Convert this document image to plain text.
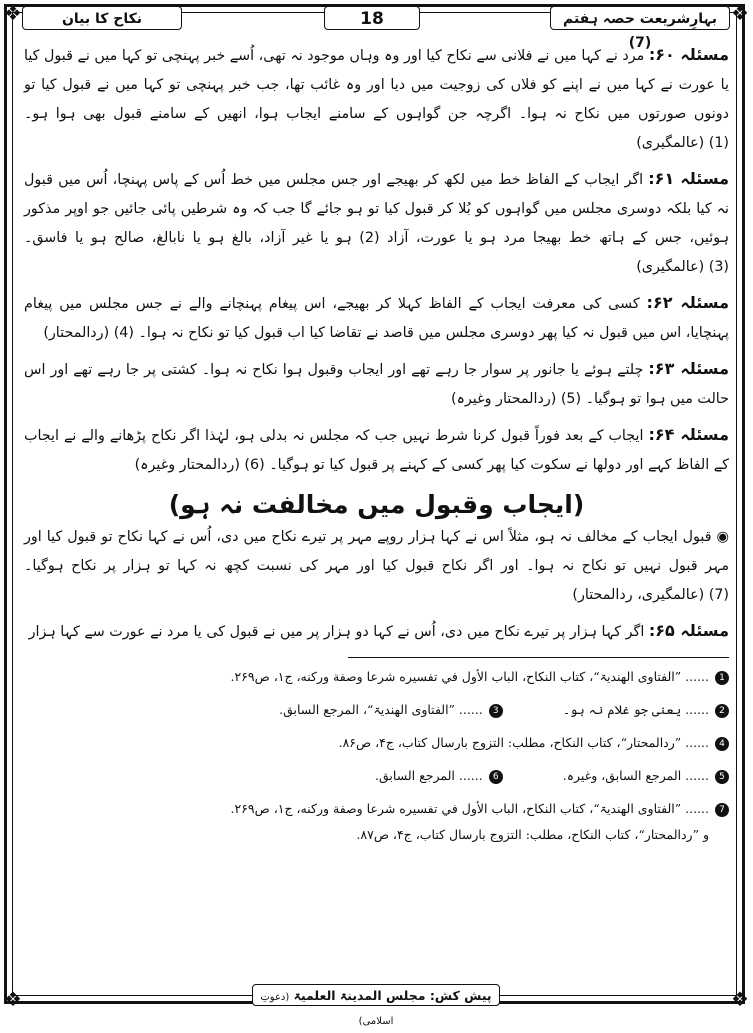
❖	❖
❖	❖
بہارِشریعت حصہ ہفتم (7)
18
نکاح کا بیان

مسئلہ ۶۰: مرد نے کہا میں نے فلانی سے نکاح کیا اور وہ وہاں موجود نہ تھی، اُسے خبر پہنچی تو کہا میں نے قبول کیا یا عورت نے کہا میں نے اپنے کو فلاں کی زوجیت میں دیا اور وہ غائب تھا، جب خبر پہنچی تو کہا میں نے قبول کیا تو دونوں صورتوں میں نکاح نہ ہوا۔ اگرچہ جن گواہوں کے سامنے ایجاب ہوا، انھیں کے سامنے قبول بھی ہوا ہو۔ (1) (عالمگیری)

مسئلہ ۶۱: اگر ایجاب کے الفاظ خط میں لکھ کر بھیجے اور جس مجلس میں خط اُس کے پاس پہنچا، اُس میں قبول نہ کیا بلکہ دوسری مجلس میں گواہوں کو بُلا کر قبول کیا تو ہو جائے گا جب کہ وہ شرطیں پائی جائیں جو اوپر مذکور ہوئیں، جس کے ہاتھ خط بھیجا مرد ہو یا عورت، آزاد (2) ہو یا غیر آزاد، بالغ ہو یا نابالغ، صالح ہو یا فاسق۔ (3) (عالمگیری)

مسئلہ ۶۲: کسی کی معرفت ایجاب کے الفاظ کہلا کر بھیجے، اس پیغام پہنچانے والے نے جس مجلس میں پیغام پہنچایا، اس میں قبول نہ کیا پھر دوسری مجلس میں قاصد نے تقاضا کیا اب قبول کیا تو نکاح نہ ہوا۔ (4) (ردالمحتار)

مسئلہ ۶۳: چلتے ہوئے یا جانور پر سوار جا رہے تھے اور ایجاب وقبول ہوا نکاح نہ ہوا۔ کشتی پر جا رہے تھے اور اس حالت میں ہوا تو ہوگیا۔ (5) (ردالمحتار وغیرہ)

مسئلہ ۶۴: ایجاب کے بعد فوراً قبول کرنا شرط نہیں جب کہ مجلس نہ بدلی ہو، لہٰذا اگر نکاح پڑھانے والے نے ایجاب کے الفاظ کہے اور دولھا نے سکوت کیا پھر کسی کے کہنے پر قبول کیا تو ہوگیا۔ (6) (ردالمحتار وغیرہ)

(ایجاب وقبول میں مخالفت نہ ہو)

◉ قبول ایجاب کے مخالف نہ ہو، مثلاً اس نے کہا ہزار روپے مہر پر تیرے نکاح میں دی، اُس نے کہا نکاح تو قبول کیا اور مہر قبول نہیں تو نکاح نہ ہوا۔ اور اگر نکاح قبول کیا اور مہر کی نسبت کچھ نہ کہا تو ہزار پر نکاح ہوگیا۔ (7) (عالمگیری، ردالمحتار)

مسئلہ ۶۵: اگر کہا ہزار پر تیرے نکاح میں دی، اُس نے کہا دو ہزار پر میں نے قبول کی یا مرد نے عورت سے کہا ہزار

1...... ”الفتاوی الھندیۃ“، کتاب النکاح، الباب الأول في تفسيره شرعا وصفة ورکنه، ج۱، ص۲۶۹.
2...... یعنی جو غلام نہ ہو۔3...... ”الفتاوی الھندیۃ“، المرجع السابق.
4...... ”ردالمحتار“، کتاب النکاح، مطلب: التزوج بارسال کتاب، ج۴، ص۸۶.
5...... المرجع السابق، وغیرہ.6...... المرجع السابق.
7...... ”الفتاوی الھندیۃ“، کتاب النکاح، الباب الأول في تفسيره شرعا وصفة ورکنه، ج۱، ص۲۶۹.
و ”ردالمحتار“، کتاب النکاح، مطلب: التزوج بارسال کتاب، ج۴، ص۸۷.
پیش کش: مجلس المدینۃ العلمیۃ (دعوتِ اسلامی)
